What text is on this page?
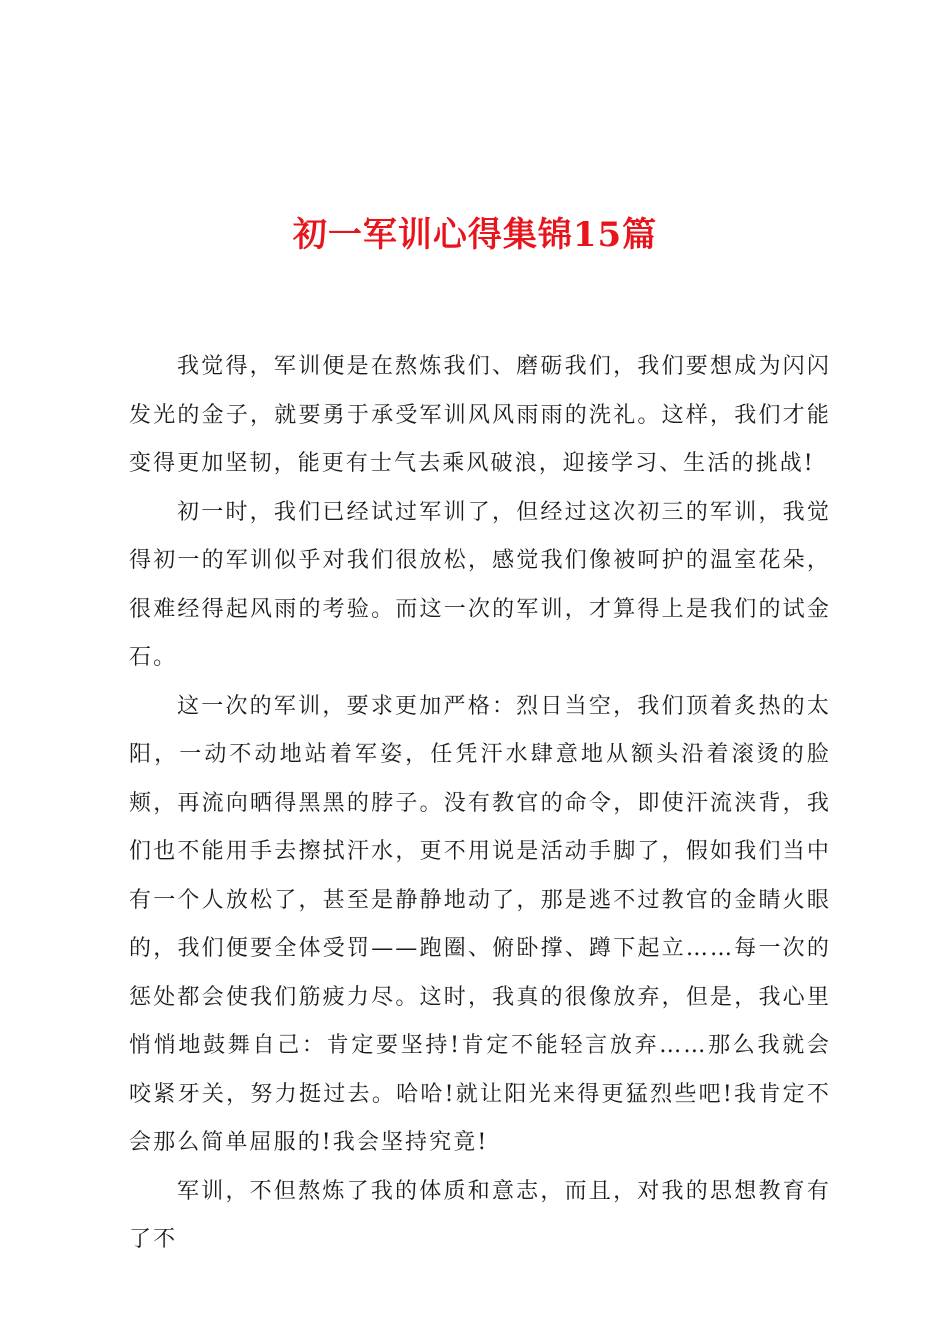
初一军训心得集锦15篇

我觉得，军训便是在熬炼我们、磨砺我们，我们要想成为闪闪发光的金子，就要勇于承受军训风风雨雨的洗礼。这样，我们才能变得更加坚韧，能更有士气去乘风破浪，迎接学习、生活的挑战!

初一时，我们已经试过军训了，但经过这次初三的军训，我觉得初一的军训似乎对我们很放松，感觉我们像被呵护的温室花朵，很难经得起风雨的考验。而这一次的军训，才算得上是我们的试金石。

这一次的军训，要求更加严格：烈日当空，我们顶着炙热的太阳，一动不动地站着军姿，任凭汗水肆意地从额头沿着滚烫的脸颊，再流向晒得黑黑的脖子。没有教官的命令，即使汗流浃背，我们也不能用手去擦拭汗水，更不用说是活动手脚了，假如我们当中有一个人放松了，甚至是静静地动了，那是逃不过教官的金睛火眼的，我们便要全体受罚——跑圈、俯卧撑、蹲下起立……每一次的惩处都会使我们筋疲力尽。这时，我真的很像放弃，但是，我心里悄悄地鼓舞自己：肯定要坚持!肯定不能轻言放弃……那么我就会咬紧牙关，努力挺过去。哈哈!就让阳光来得更猛烈些吧!我肯定不会那么简单屈服的!我会坚持究竟!

军训，不但熬炼了我的体质和意志，而且，对我的思想教育有了不
